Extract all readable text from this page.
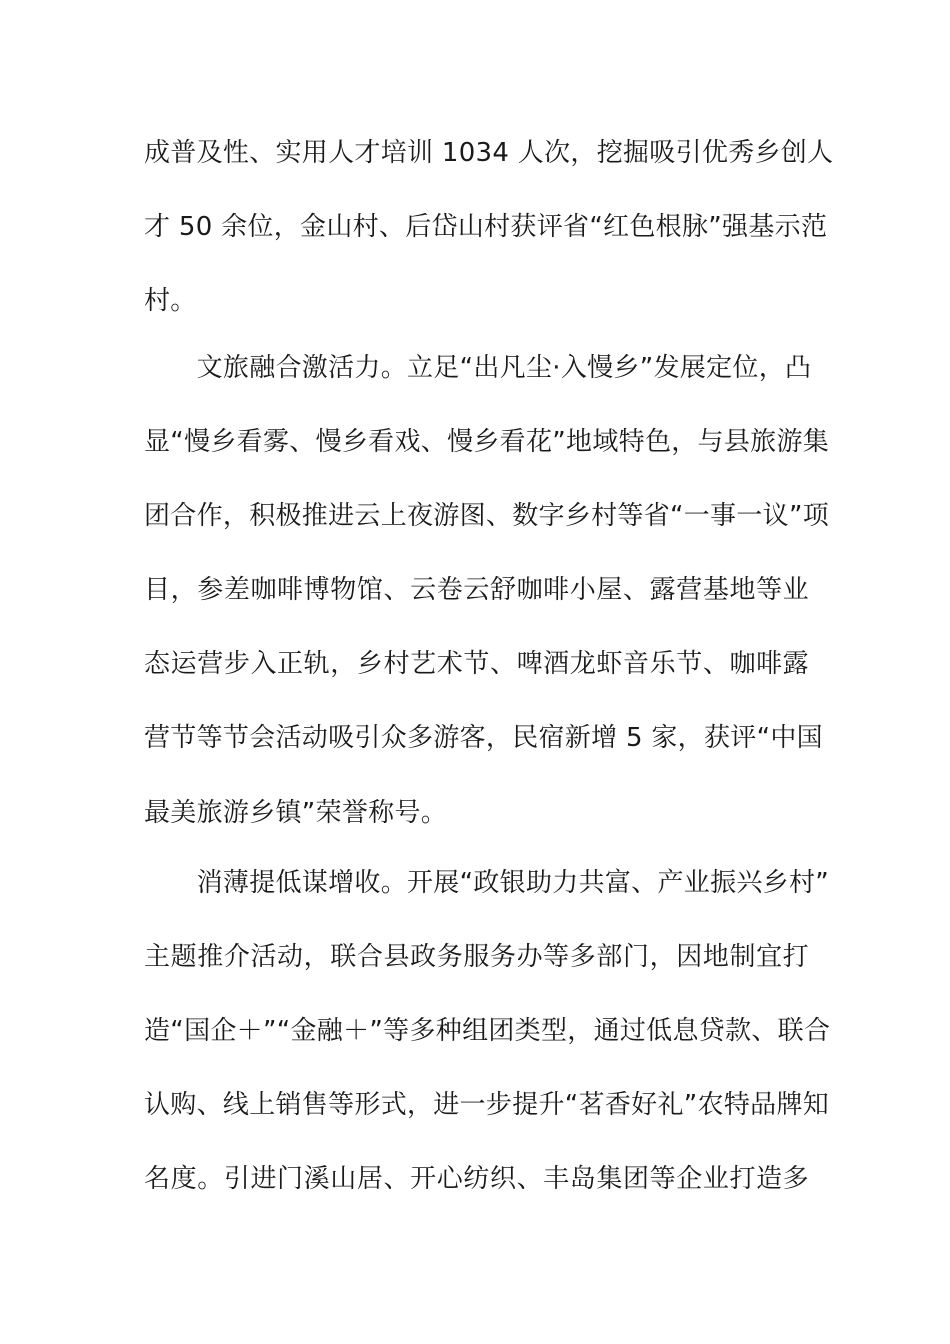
成普及性、实用人才培训 1034 人次，挖掘吸引优秀乡创人
才 50 余位，金山村、后岱山村获评省“红色根脉”强基示范
村。
　　文旅融合激活力。立足“出凡尘·入慢乡”发展定位，凸
显“慢乡看雾、慢乡看戏、慢乡看花”地域特色，与县旅游集
团合作，积极推进云上夜游图、数字乡村等省“一事一议”项
目，参差咖啡博物馆、云卷云舒咖啡小屋、露营基地等业
态运营步入正轨，乡村艺术节、啤酒龙虾音乐节、咖啡露
营节等节会活动吸引众多游客，民宿新增 5 家，获评“中国
最美旅游乡镇”荣誉称号。
　　消薄提低谋增收。开展“政银助力共富、产业振兴乡村”
主题推介活动，联合县政务服务办等多部门，因地制宜打
造“国企＋”“金融＋”等多种组团类型，通过低息贷款、联合
认购、线上销售等形式，进一步提升“茗香好礼”农特品牌知
名度。引进门溪山居、开心纺织、丰岛集团等企业打造多
